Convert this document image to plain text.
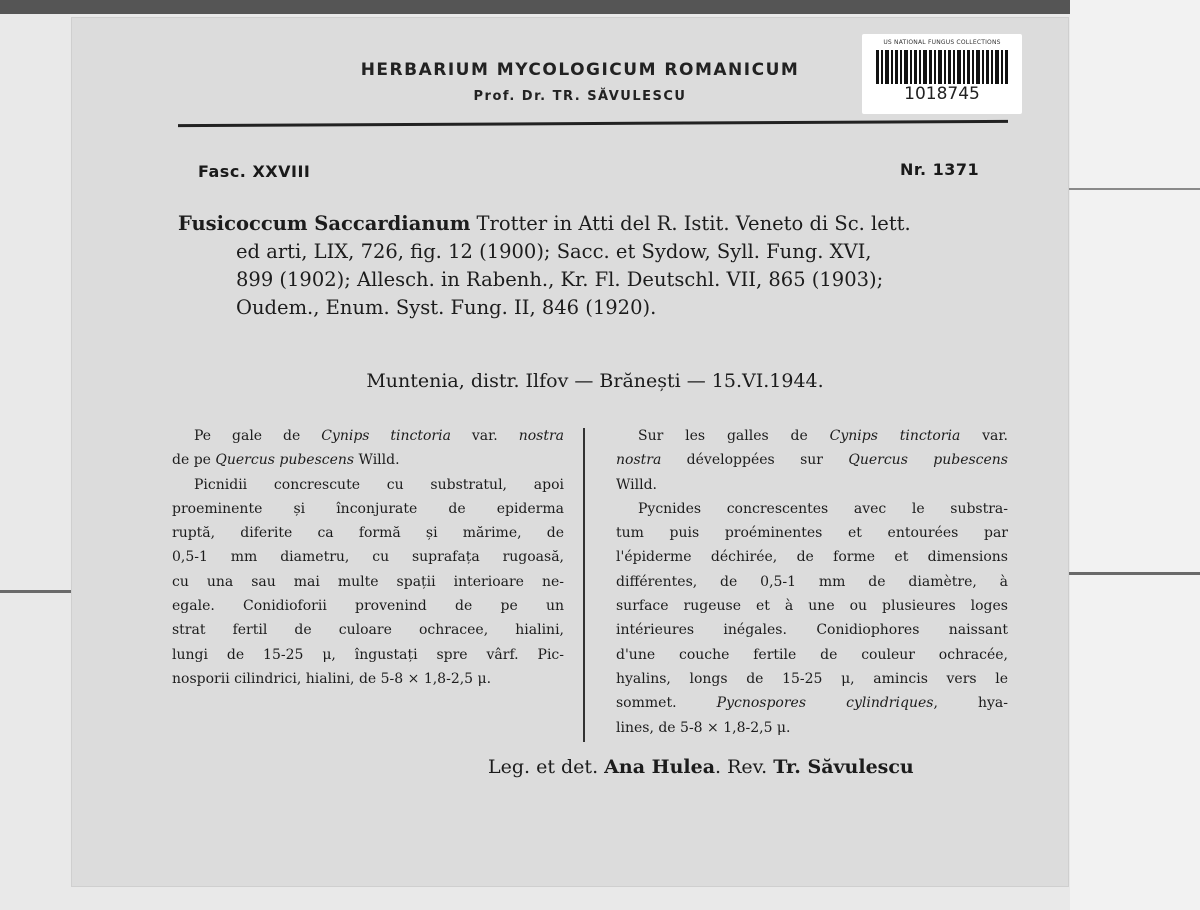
HERBARIUM MYCOLOGICUM ROMANICUM
Prof. Dr. TR. SĂVULESCU
US NATIONAL FUNGUS COLLECTIONS
1018745
Fasc. XXVIII	Nr. 1371
Fusicoccum Saccardianum Trotter in Atti del R. Istit. Veneto di Sc. lett.
ed arti, LIX, 726, fig. 12 (1900); Sacc. et Sydow, Syll. Fung. XVI,
899 (1902); Allesch. in Rabenh., Kr. Fl. Deutschl. VII, 865 (1903);
Oudem., Enum. Syst. Fung. II, 846 (1920).
Muntenia, distr. Ilfov — Brănești — 15.VI.1944.
Pe gale de Cynips tinctoria var. nostra
de pe Quercus pubescens Willd.
Picnidii concrescute cu substratul, apoi
proeminente și înconjurate de epiderma
ruptă, diferite ca formă și mărime, de
0,5-1 mm diametru, cu suprafața rugoasă,
cu una sau mai multe spații interioare ne-
egale. Conidioforii provenind de pe un
strat fertil de culoare ochracee, hialini,
lungi de 15-25 μ, îngustați spre vârf. Pic-
nosporii cilindrici, hialini, de 5-8 × 1,8-2,5 μ.
Sur les galles de Cynips tinctoria var.
nostra développées sur Quercus pubescens
Willd.
Pycnides concrescentes avec le substra-
tum puis proéminentes et entourées par
l'épiderme déchirée, de forme et dimensions
différentes, de 0,5-1 mm de diamètre, à
surface rugeuse et à une ou plusieures loges
intérieures inégales. Conidiophores naissant
d'une couche fertile de couleur ochracée,
hyalins, longs de 15-25 μ, amincis vers le
sommet. Pycnospores cylindriques, hya-
lines, de 5-8 × 1,8-2,5 μ.
Leg. et det. Ana Hulea. Rev. Tr. Săvulescu
